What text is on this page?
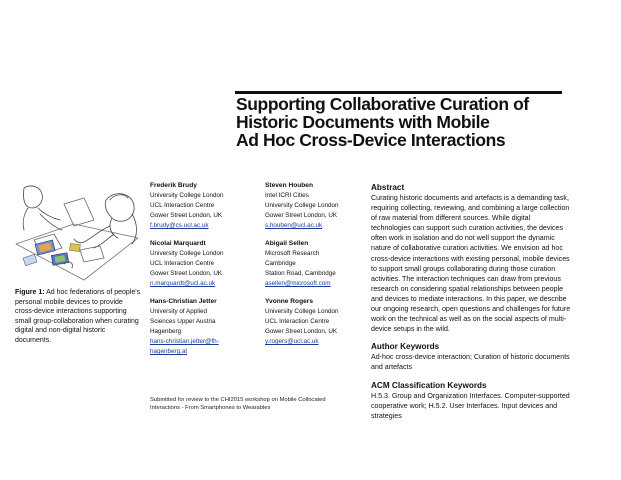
Supporting Collaborative Curation of
Historic Documents with Mobile
Ad Hoc Cross-Device Interactions
Figure 1: Ad hoc federations of people's personal mobile devices to provide cross-device interactions supporting small group-collaboration when curating digital and non-digital historic documents.
Frederik Brudy
University College London
UCL Interaction Centre
Gower Street London, UK
f.brudy@cs.ucl.ac.uk
Steven Houben
Intel ICRI Cities
University College London
Gower Street London, UK
s.houben@ucl.ac.uk
Nicolai Marquardt
University College London
UCL Interaction Centre
Gower Street London, UK
n.marquardt@ucl.ac.uk
Abigail Sellen
Microsoft Research
Cambridge
Station Road, Cambridge
asellen@microsoft.com
Hans-Christian Jetter
University of Applied
Sciences Upper Austria
Hagenberg
hans-christian.jetter@fh-
hagenberg.at
Yvonne Rogers
University College London
UCL Interaction Centre
Gower Street London, UK
y.rogers@ucl.ac.uk
Abstract
Curating historic documents and artefacts is a demanding task, requiring collecting, reviewing, and combining a large collection of raw material from different sources. While digital technologies can support such curation activities, the devices often work in isolation and do not well support the dynamic nature of collaborative curation activities. We envision ad hoc cross-device interactions with existing personal, mobile devices to support small groups collaborating during those curation activities. The interaction techniques can draw from previous research on considering spatial relationships between people and devices to mediate interactions. In this paper, we describe our ongoing research, open questions and challenges for future work on the technical as well as on the social aspects of multi-device setups in the wild.
Author Keywords
Ad-hoc cross-device interaction; Curation of historic documents and artefacts
ACM Classification Keywords
H.5.3. Group and Organization Interfaces. Computer-supported cooperative work; H.5.2. User Interfaces. Input devices and strategies
Submitted for review to the CHI2015 workshop on Mobile Collocated Interactions - From Smartphones to Wearables
